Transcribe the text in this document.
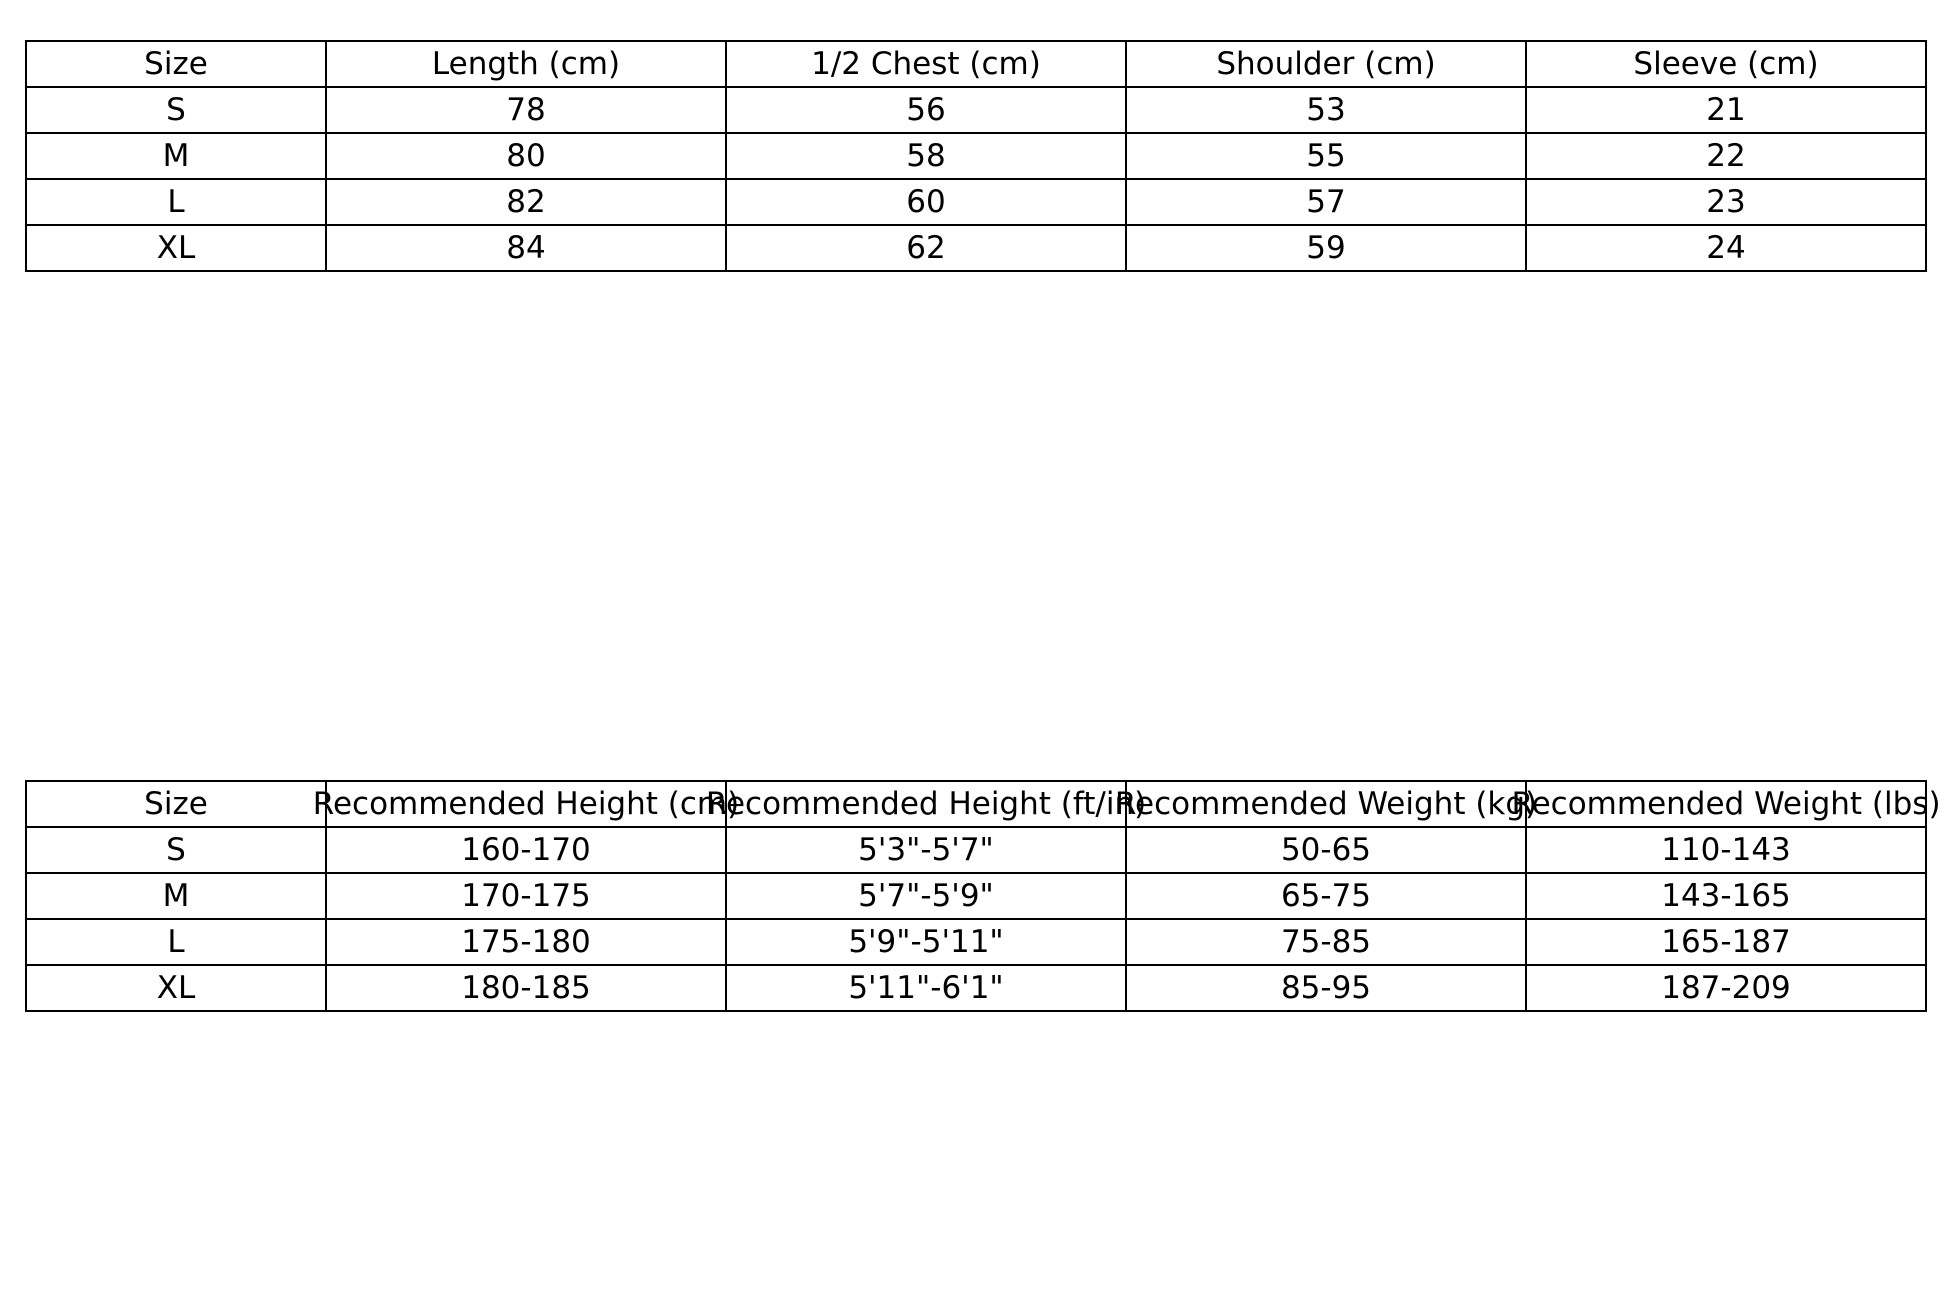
Size	Length (cm)	1/2 Chest (cm)	Shoulder (cm)	Sleeve (cm)
S	78	56	53	21
M	80	58	55	22
L	82	60	57	23
XL	84	62	59	24
Size	Recommended Height (cm)	Recommended Height (ft/in)	Recommended Weight (kg)	Recommended Weight (lbs)

S	160-170	5'3"-5'7"	50-65	110-143
M	170-175	5'7"-5'9"	65-75	143-165
L	175-180	5'9"-5'11"	75-85	165-187
XL	180-185	5'11"-6'1"	85-95	187-209
